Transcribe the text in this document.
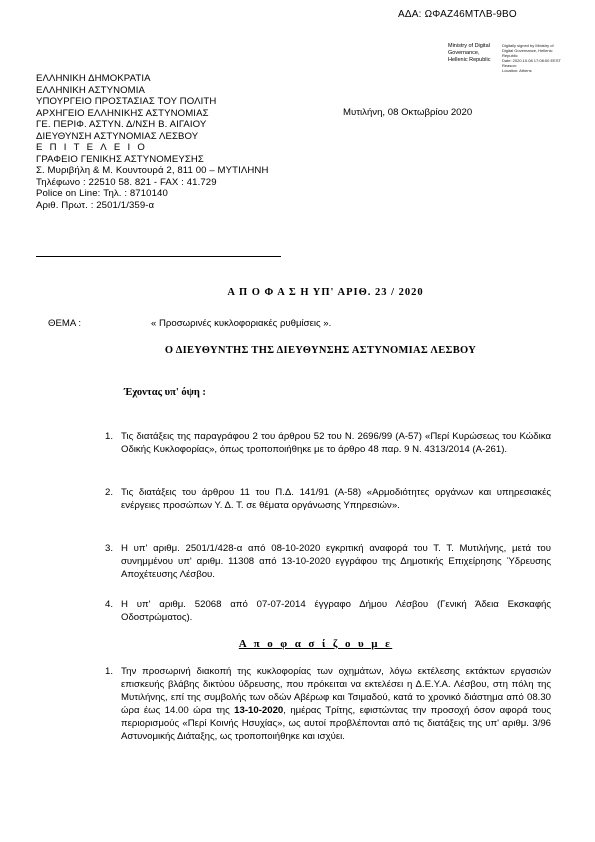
ΑΔΑ: ΩΦΑΖ46ΜΤΛΒ-9ΒΟ
Ministry of Digital
Governance,
Hellenic Republic
Digitally signed by Ministry of
Digital Governance, Hellenic
Republic
Date: 2020.10.08 17:08:00 EEST
Reason:
Location: Athens
ΕΛΛΗΝΙΚΗ ΔΗΜΟΚΡΑΤΙΑ
ΕΛΛΗΝΙΚΗ ΑΣΤΥΝΟΜΙΑ
ΥΠΟΥΡΓΕΙΟ ΠΡΟΣΤΑΣΙΑΣ ΤΟΥ ΠΟΛΙΤΗ
ΑΡΧΗΓΕΙΟ ΕΛΛΗΝΙΚΗΣ ΑΣΤΥΝΟΜΙΑΣ
ΓΕ. ΠΕΡΙΦ. ΑΣΤΥΝ. Δ/ΝΣΗ Β. ΑΙΓΑΙΟΥ
ΔΙΕΥΘΥΝΣΗ ΑΣΤΥΝΟΜΙΑΣ ΛΕΣΒΟΥ
ΕΠΙΤΕΛΕΙΟ
ΓΡΑΦΕΙΟ ΓΕΝΙΚΗΣ ΑΣΤΥΝΟΜΕΥΣΗΣ
Σ. Μυριβήλη & Μ. Κουντουρά 2, 811 00 – ΜΥΤΙΛΗΝΗ
Τηλέφωνο : 22510 58. 821 - FAX : 41.729
Police on Line: Τηλ. : 8710140
Αριθ. Πρωτ. : 2501/1/359-α
Μυτιλήνη, 08 Οκτωβρίου 2020
Α Π Ο Φ Α Σ Η ΥΠ' ΑΡΙΘ. 23 / 2020
ΘΕΜΑ :	« Προσωρινές κυκλοφοριακές ρυθμίσεις ».
Ο ΔΙΕΥΘΥΝΤΗΣ ΤΗΣ ΔΙΕΥΘΥΝΣΗΣ ΑΣΤΥΝΟΜΙΑΣ ΛΕΣΒΟΥ
Έχοντας υπ' όψη :
1. Τις διατάξεις της παραγράφου 2 του άρθρου 52 του Ν. 2696/99 (Α-57) «Περί Κυρώσεως του Κώδικα Οδικής Κυκλοφορίας», όπως τροποποιήθηκε με το άρθρο 48 παρ. 9 Ν. 4313/2014 (Α-261).
2. Τις διατάξεις του άρθρου 11 του Π.Δ. 141/91 (Α-58) «Αρμοδιότητες οργάνων και υπηρεσιακές ενέργειες προσώπων Υ. Δ. Τ. σε θέματα οργάνωσης Υπηρεσιών».
3. Η υπ' αριθμ. 2501/1/428-α από 08-10-2020 εγκριτική αναφορά του Τ. Τ. Μυτιλήνης, μετά του συνημμένου υπ' αριθμ. 11308 από 13-10-2020 εγγράφου της Δημοτικής Επιχείρησης Ύδρευσης Αποχέτευσης Λέσβου.
4. Η υπ' αριθμ. 52068 από 07-07-2014 έγγραφο Δήμου Λέσβου (Γενική Άδεια Εκσκαφής Οδοστρώματος).
Α π ο φ α σ ί ζ ο υ μ ε
1. Την προσωρινή διακοπή της κυκλοφορίας των οχημάτων, λόγω εκτέλεσης εκτάκτων εργασιών επισκευής βλάβης δικτύου ύδρευσης, που πρόκειται να εκτελέσει η Δ.Ε.Υ.Α. Λέσβου, στη πόλη της Μυτιλήνης, επί της συμβολής των οδών Αβέρωφ και Τσιμαδού, κατά το χρονικό διάστημα από 08.30 ώρα έως 14.00 ώρα της 13-10-2020, ημέρας Τρίτης, εφιστώντας την προσοχή όσον αφορά τους περιορισμούς «Περί Κοινής Ησυχίας», ως αυτοί προβλέπονται από τις διατάξεις της υπ' αριθμ. 3/96 Αστυνομικής Διάταξης, ως τροποποιήθηκε και ισχύει.
